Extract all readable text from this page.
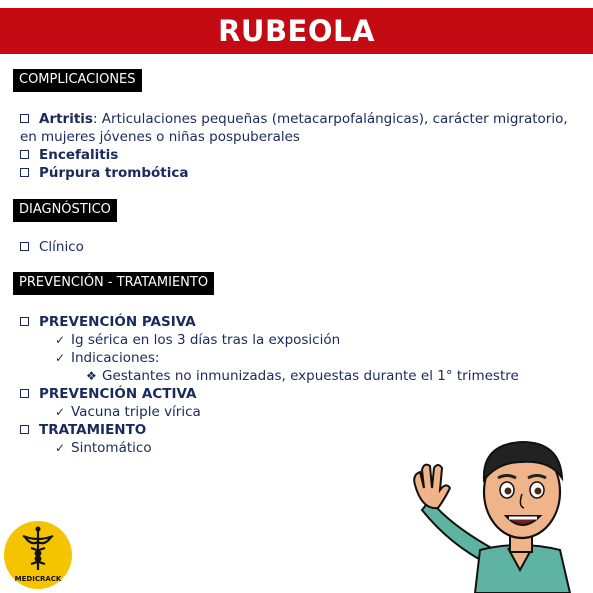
RUBEOLA
COMPLICACIONES
Artritis: Articulaciones pequeñas (metacarpofalángicas), carácter migratorio, en mujeres jóvenes o niñas pospuberales
Encefalitis
Púrpura trombótica
DIAGNÓSTICO
Clínico
PREVENCIÓN - TRATAMIENTO
PREVENCIÓN PASIVA
✓ Ig sérica en los 3 días tras la exposición
✓ Indicaciones:
❖ Gestantes no inmunizadas, expuestas durante el 1° trimestre
PREVENCIÓN ACTIVA
✓ Vacuna triple vírica
TRATAMIENTO
✓ Sintomático
MEDICRACK
